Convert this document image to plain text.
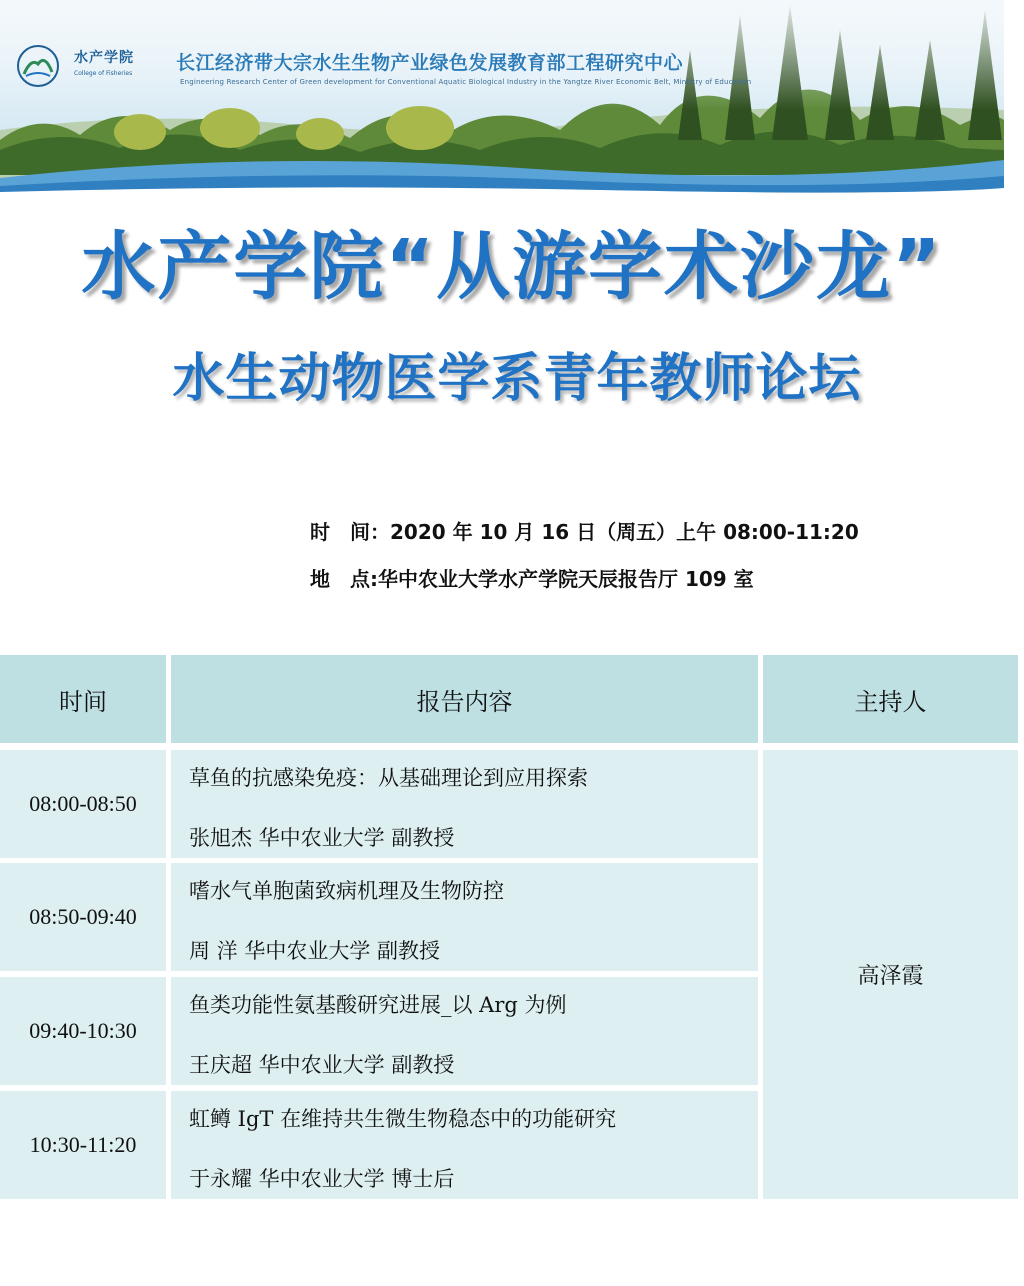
水产学院
College of Fisheries 长江经济带大宗水生生物产业绿色发展教育部工程研究中心
Engineering Research Center of Green development for Conventional Aquatic Biological Industry in the Yangtze River Economic Belt, Ministry of Education
水产学院“从游学术沙龙”
水生动物医学系青年教师论坛
时　间：2020 年 10 月 16 日（周五）上午 08:00-11:20
地　点:华中农业大学水产学院天辰报告厅 109 室
时间	报告内容	主持人
08:00-08:50
草鱼的抗感染免疫：从基础理论到应用探索
张旭杰 华中农业大学 副教授
08:50-09:40
嗜水气单胞菌致病机理及生物防控
周 洋 华中农业大学 副教授
09:40-10:30
鱼类功能性氨基酸研究进展_以 Arg 为例
王庆超 华中农业大学 副教授
10:30-11:20
虹鳟 IgT 在维持共生微生物稳态中的功能研究
于永耀 华中农业大学 博士后
高泽霞
